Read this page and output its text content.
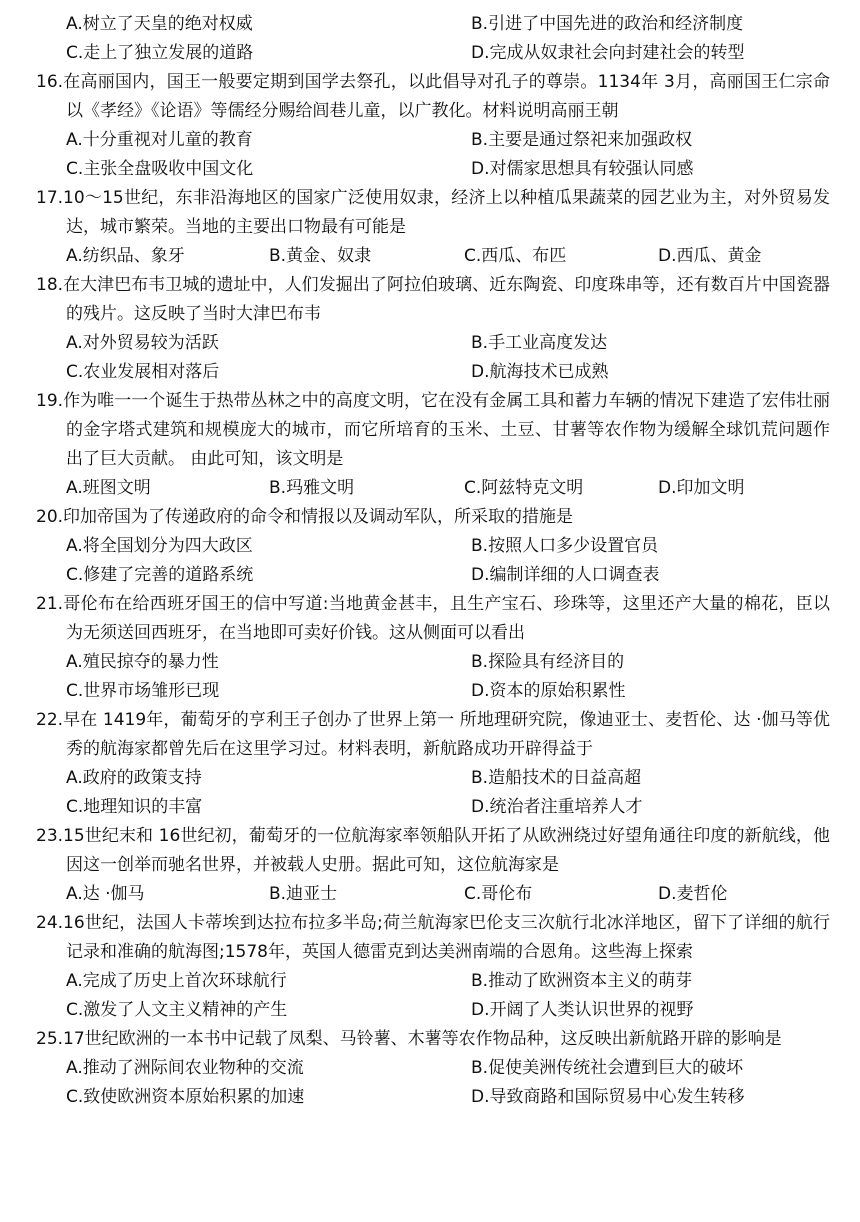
A.树立了天皇的绝对权威	B.引进了中国先进的政治和经济制度
C.走上了独立发展的道路	D.完成从奴隶社会向封建社会的转型

16.在高丽国内，国王一般要定期到国学去祭孔，以此倡导对孔子的尊崇。1134年 3月，高丽国王仁宗命以《孝经》《论语》等儒经分赐给闾巷儿童，以广教化。材料说明高丽王朝

A.十分重视对儿童的教育	B.主要是通过祭祀来加强政权
C.主张全盘吸收中国文化	D.对儒家思想具有较强认同感

17.10～15世纪，东非沿海地区的国家广泛使用奴隶，经济上以种植瓜果蔬菜的园艺业为主，对外贸易发达，城市繁荣。当地的主要出口物最有可能是

A.纺织品、象牙	B.黄金、奴隶	C.西瓜、布匹	D.西瓜、黄金

18.在大津巴布韦卫城的遗址中，人们发掘出了阿拉伯玻璃、近东陶瓷、印度珠串等，还有数百片中国瓷器的残片。这反映了当时大津巴布韦

A.对外贸易较为活跃	B.手工业高度发达
C.农业发展相对落后	D.航海技术已成熟

19.作为唯一一个诞生于热带丛林之中的高度文明，它在没有金属工具和蓄力车辆的情况下建造了宏伟壮丽的金字塔式建筑和规模庞大的城市，而它所培育的玉米、土豆、甘薯等农作物为缓解全球饥荒问题作出了巨大贡献。 由此可知，该文明是

A.班图文明	B.玛雅文明	C.阿兹特克文明	D.印加文明

20.印加帝国为了传递政府的命令和情报以及调动军队，所采取的措施是

A.将全国划分为四大政区	B.按照人口多少设置官员
C.修建了完善的道路系统	D.编制详细的人口调查表

21.哥伦布在给西班牙国王的信中写道:当地黄金甚丰，且生产宝石、珍珠等，这里还产大量的棉花，臣以为无须送回西班牙，在当地即可卖好价钱。这从侧面可以看出

A.殖民掠夺的暴力性	B.探险具有经济目的
C.世界市场雏形已现	D.资本的原始积累性

22.早在 1419年，葡萄牙的亨利王子创办了世界上第一 所地理研究院，像迪亚士、麦哲伦、达 ·伽马等优秀的航海家都曾先后在这里学习过。材料表明，新航路成功开辟得益于

A.政府的政策支持	B.造船技术的日益高超
C.地理知识的丰富	D.统治者注重培养人才

23.15世纪末和 16世纪初，葡萄牙的一位航海家率领船队开拓了从欧洲绕过好望角通往印度的新航线，他因这一创举而驰名世界，并被载人史册。据此可知，这位航海家是

A.达 ·伽马	B.迪亚士	C.哥伦布	D.麦哲伦

24.16世纪，法国人卡蒂埃到达拉布拉多半岛;荷兰航海家巴伦支三次航行北冰洋地区，留下了详细的航行记录和准确的航海图;1578年，英国人德雷克到达美洲南端的合恩角。这些海上探索

A.完成了历史上首次环球航行	B.推动了欧洲资本主义的萌芽
C.激发了人文主义精神的产生	D.开阔了人类认识世界的视野

25.17世纪欧洲的一本书中记载了凤梨、马铃薯、木薯等农作物品种，这反映出新航路开辟的影响是

A.推动了洲际间农业物种的交流	B.促使美洲传统社会遭到巨大的破坏
C.致使欧洲资本原始积累的加速	D.导致商路和国际贸易中心发生转移
